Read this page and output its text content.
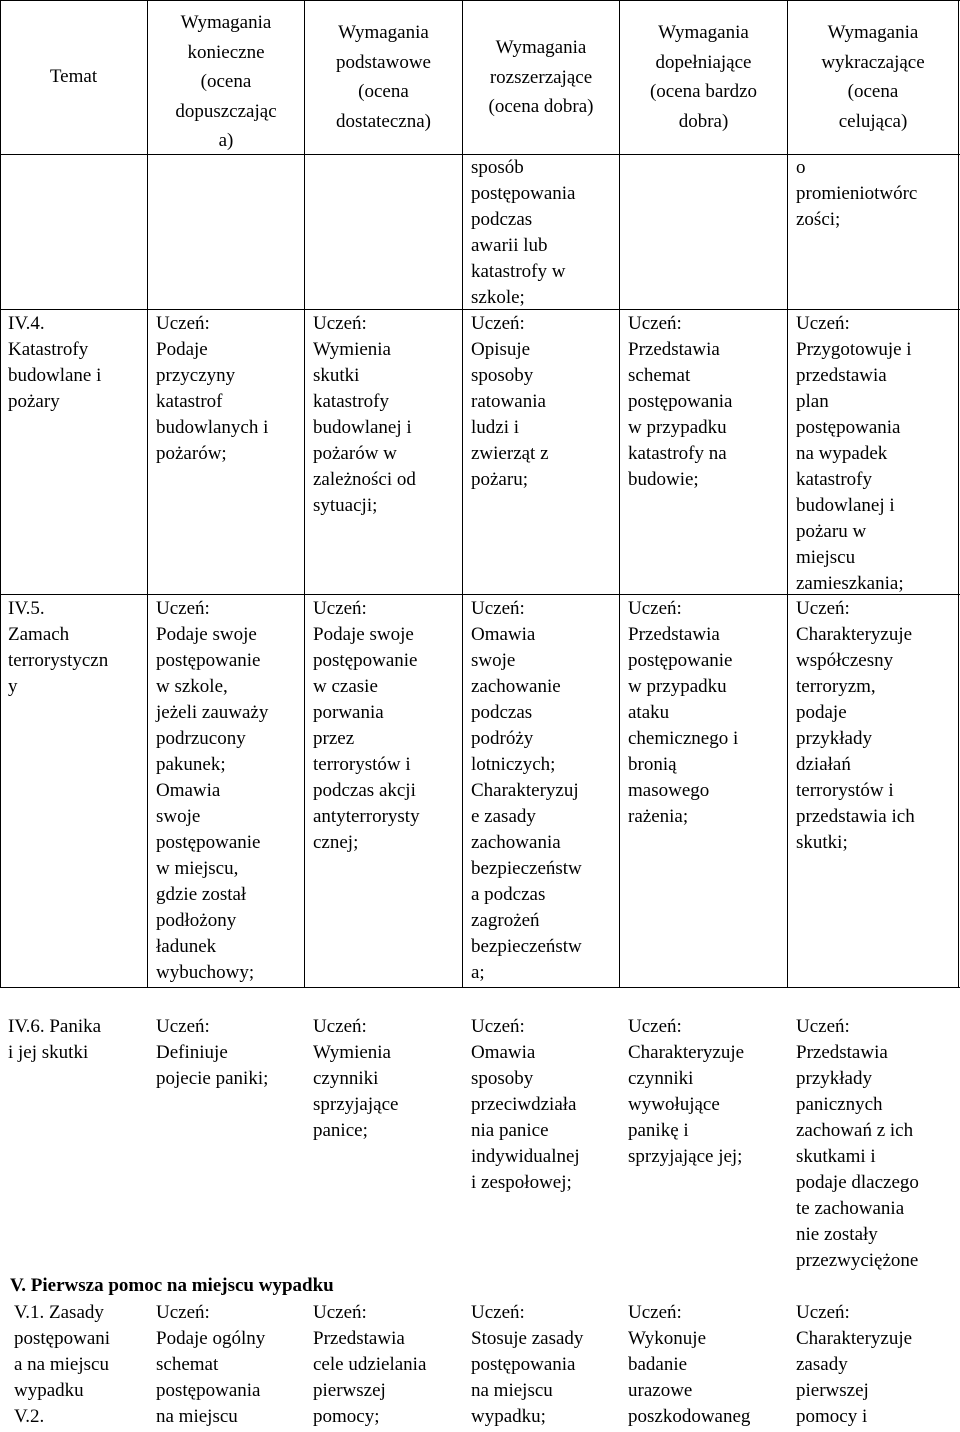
Temat
Wymagania
konieczne
(ocena
dopuszczając
a)
Wymagania
podstawowe
(ocena
dostateczna)
Wymagania
rozszerzające
(ocena dobra)
Wymagania
dopełniające
(ocena bardzo
dobra)
Wymagania
wykraczające
(ocena
celująca)
sposób
postępowania
podczas
awarii lub
katastrofy w
szkole;
o
promieniotwórc
zości;
IV.4.
Katastrofy
budowlane i
pożary
Uczeń:
Podaje
przyczyny
katastrof
budowlanych i
pożarów;
Uczeń:
Wymienia
skutki
katastrofy
budowlanej i
pożarów w
zależności od
sytuacji;
Uczeń:
Opisuje
sposoby
ratowania
ludzi i
zwierząt z
pożaru;
Uczeń:
Przedstawia
schemat
postępowania
w przypadku
katastrofy na
budowie;
Uczeń:
Przygotowuje i
przedstawia
plan
postępowania
na wypadek
katastrofy
budowlanej i
pożaru w
miejscu
zamieszkania;
IV.5.
Zamach
terrorystyczn
y
Uczeń:
Podaje swoje
postępowanie
w szkole,
jeżeli zauważy
podrzucony
pakunek;
Omawia
swoje
postępowanie
w miejscu,
gdzie został
podłożony
ładunek
wybuchowy;
Uczeń:
Podaje swoje
postępowanie
w czasie
porwania
przez
terrorystów i
podczas akcji
antyterrorysty
cznej;
Uczeń:
Omawia
swoje
zachowanie
podczas
podróży
lotniczych;
Charakteryzuj
e zasady
zachowania
bezpieczeństw
a podczas
zagrożeń
bezpieczeństw
a;
Uczeń:
Przedstawia
postępowanie
w przypadku
ataku
chemicznego i
bronią
masowego
rażenia;
Uczeń:
Charakteryzuje
współczesny
terroryzm,
podaje
przykłady
działań
terrorystów i
przedstawia ich
skutki;
IV.6. Panika
i jej skutki
Uczeń:
Definiuje
pojecie paniki;
Uczeń:
Wymienia
czynniki
sprzyjające
panice;
Uczeń:
Omawia
sposoby
przeciwdziała
nia panice
indywidualnej
i zespołowej;
Uczeń:
Charakteryzuje
czynniki
wywołujące
panikę i
sprzyjające jej;
Uczeń:
Przedstawia
przykłady
panicznych
zachowań z ich
skutkami i
podaje dlaczego
te zachowania
nie zostały
przezwyciężone
V. Pierwsza pomoc na miejscu wypadku
V.1. Zasady
postępowani
a na miejscu
wypadku
V.2.
Uczeń:
Podaje ogólny
schemat
postępowania
na miejscu
Uczeń:
Przedstawia
cele udzielania
pierwszej
pomocy;
Uczeń:
Stosuje zasady
postępowania
na miejscu
wypadku;
Uczeń:
Wykonuje
badanie
urazowe
poszkodowaneg
Uczeń:
Charakteryzuje
zasady
pierwszej
pomocy i
